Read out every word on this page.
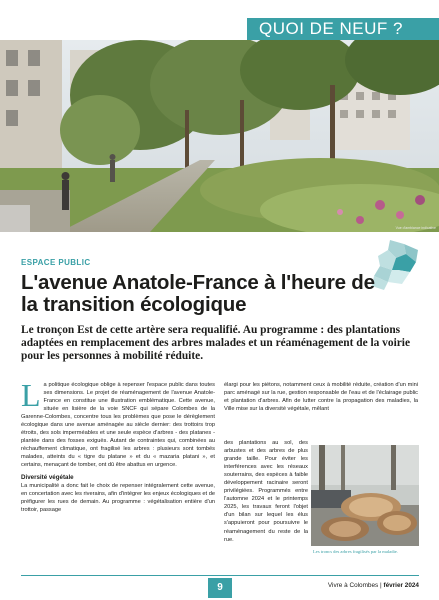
Vue d'ambiance indicative
QUOI DE NEUF ?
ESPACE PUBLIC
L'avenue Anatole-France à l'heure de la transition écologique
Le tronçon Est de cette artère sera requalifié. Au programme : des plantations adaptées en remplacement des arbres malades et un réaménagement de la voirie pour les personnes à mobilité réduite.
L a politique écologique oblige à repenser l'espace public dans toutes ses dimensions. Le projet de réaménagement de l'avenue Anatole-France en constitue une illustration emblématique. Cette avenue, située en lisière de la voie SNCF qui sépare Colombes de la Garenne-Colombes, concentre tous les problèmes que pose le dérèglement écologique dans une avenue aménagée au siècle dernier: des trottoirs trop étroits, des sols imperméables et une seule espèce d'arbres - des platanes - plantée dans des fosses exiguës. Autant de contraintes qui, combinées au réchauffement climatique, ont fragilisé les arbres : plusieurs sont tombés malades, atteints du « tigre du platane » et du « mazaria platani », et certains, menaçant de tomber, ont dû être abattus en urgence.

Diversité végétale

La municipalité a donc fait le choix de repenser intégralement cette avenue, en concertation avec les riverains, afin d'intégrer les enjeux écologiques et de préfigurer les rues de demain. Au programme : végétalisation entière d'un trottoir, passage

élargi pour les piétons, notamment ceux à mobilité réduite, création d'un mini parc aménagé sur la rue, gestion responsable de l'eau et de l'éclairage public et plantation d'arbres. Afin de lutter contre la propagation des maladies, la Ville mise sur la diversité végétale, mêlant

des plantations au sol, des arbustes et des arbres de plus grande taille. Pour éviter les interférences avec les réseaux souterrains, des espèces à faible développement racinaire seront privilégiées. Programmés entre l'automne 2024 et le printemps 2025, les travaux feront l'objet d'un bilan sur lequel les élus s'appuieront pour poursuivre le réaménagement du reste de la rue.

Les troncs des arbres fragilisés par la maladie.
9	Vivre à Colombes | février 2024
